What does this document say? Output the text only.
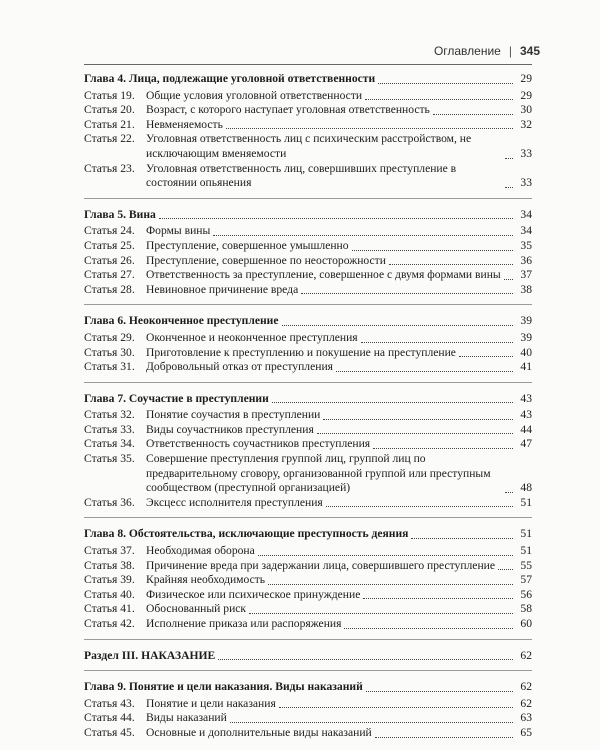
Оглавление | 345
Глава 4. Лица, подлежащие уголовной ответственности	29
Статья 19. Общие условия уголовной ответственности	29
Статья 20. Возраст, с которого наступает уголовная ответственность	30
Статья 21. Невменяемость	32
Статья 22. Уголовная ответственность лиц с психическим расстройством, не исключающим вменяемости	33
Статья 23. Уголовная ответственность лиц, совершивших преступление в состоянии опьянения	33
Глава 5. Вина	34
Статья 24. Формы вины	34
Статья 25. Преступление, совершенное умышленно	35
Статья 26. Преступление, совершенное по неосторожности	36
Статья 27. Ответственность за преступление, совершенное с двумя формами вины	37
Статья 28. Невиновное причинение вреда	38
Глава 6. Неоконченное преступление	39
Статья 29. Оконченное и неоконченное преступления	39
Статья 30. Приготовление к преступлению и покушение на преступление	40
Статья 31. Добровольный отказ от преступления	41
Глава 7. Соучастие в преступлении	43
Статья 32. Понятие соучастия в преступлении	43
Статья 33. Виды соучастников преступления	44
Статья 34. Ответственность соучастников преступления	47
Статья 35. Совершение преступления группой лиц, группой лиц по предварительному сговору, организованной группой или преступным сообществом (преступной организацией)	48
Статья 36. Эксцесс исполнителя преступления	51
Глава 8. Обстоятельства, исключающие преступность деяния	51
Статья 37. Необходимая оборона	51
Статья 38. Причинение вреда при задержании лица, совершившего преступление	55
Статья 39. Крайняя необходимость	57
Статья 40. Физическое или психическое принуждение	56
Статья 41. Обоснованный риск	58
Статья 42. Исполнение приказа или распоряжения	60
Раздел III. НАКАЗАНИЕ	62
Глава 9. Понятие и цели наказания. Виды наказаний	62
Статья 43. Понятие и цели наказания	62
Статья 44. Виды наказаний	63
Статья 45. Основные и дополнительные виды наказаний	65
